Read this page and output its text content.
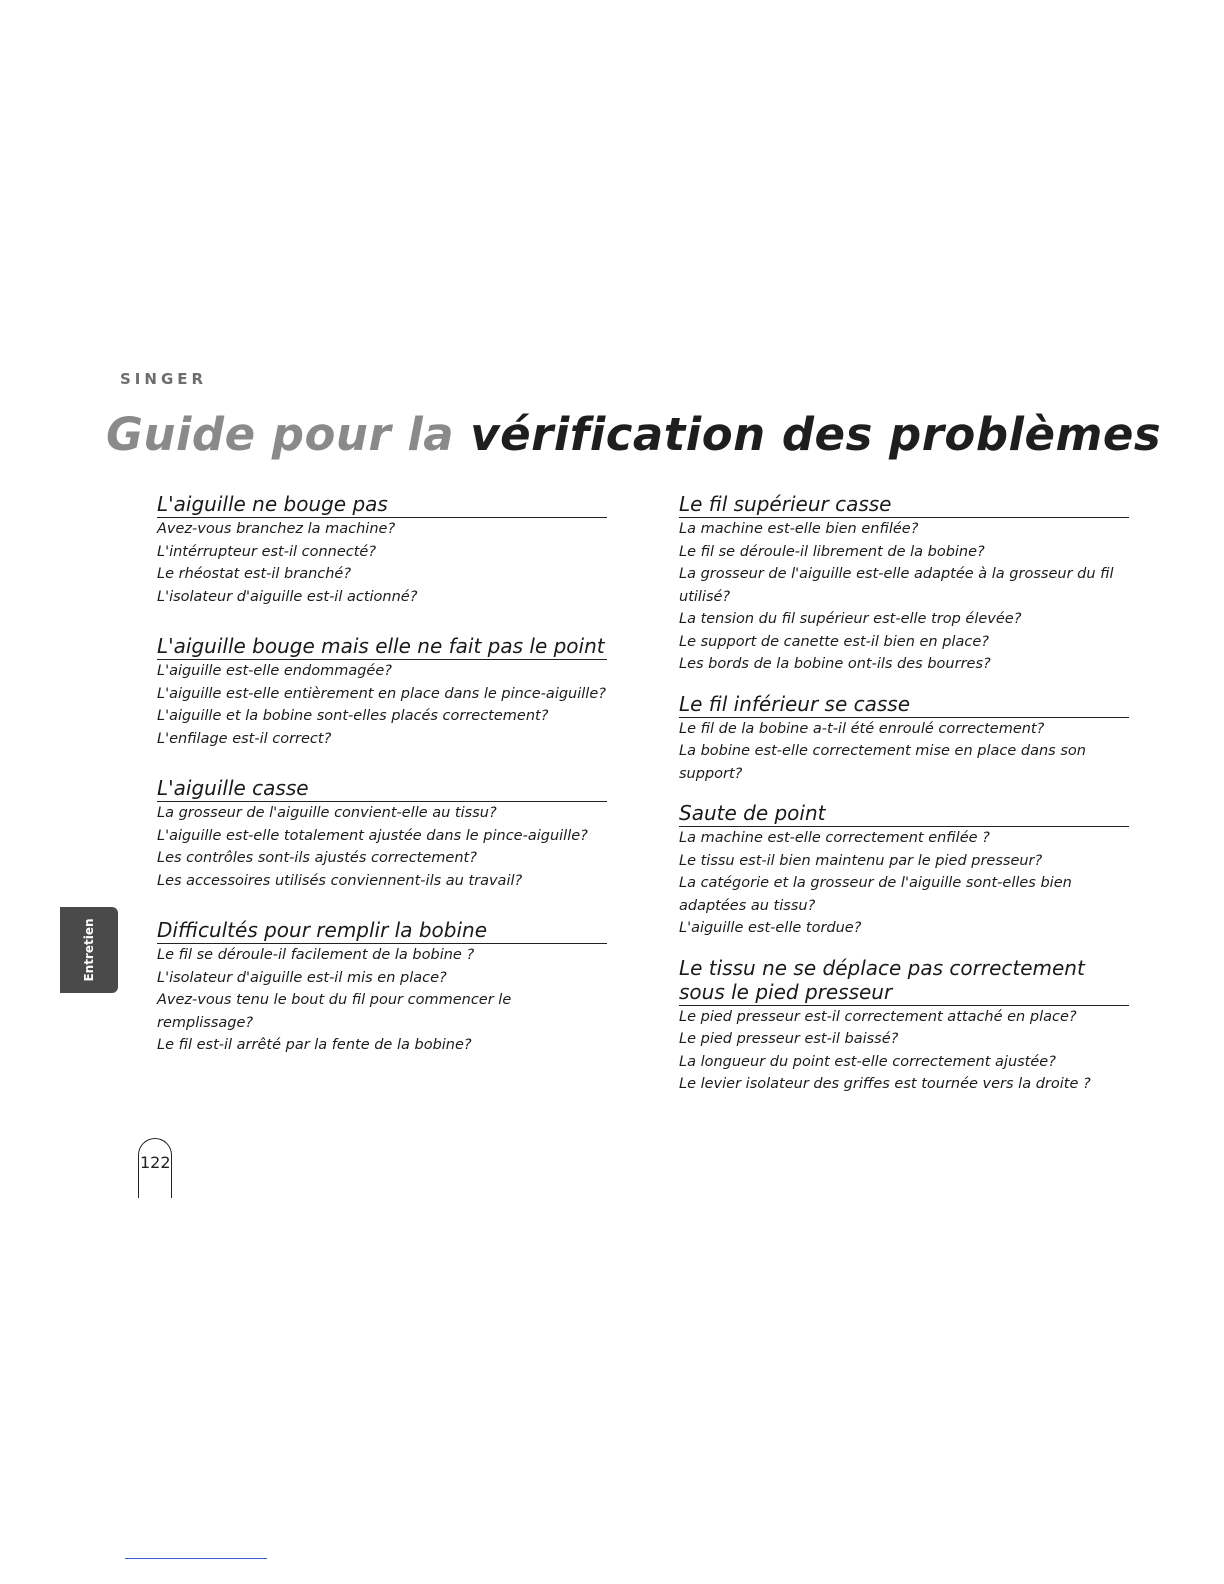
SINGER
Guide pour la vérification des problèmes
L'aiguille ne bouge pas
Avez-vous branchez la machine?
L'intérrupteur est-il connecté?
Le rhéostat est-il branché?
L'isolateur d'aiguille est-il actionné?
L'aiguille bouge mais elle ne fait pas le point
L'aiguille est-elle endommagée?
L'aiguille est-elle entièrement en place dans le pince-aiguille?
L'aiguille et la bobine sont-elles placés correctement?
L'enfilage est-il correct?
L'aiguille casse
La grosseur de l'aiguille convient-elle au tissu?
L'aiguille est-elle totalement ajustée dans le pince-aiguille?
Les contrôles sont-ils ajustés correctement?
Les accessoires utilisés conviennent-ils au travail?
Difficultés pour remplir la bobine
Le fil se déroule-il facilement de la bobine ?
L'isolateur d'aiguille est-il mis en place?
Avez-vous tenu le bout du fil pour commencer le remplissage?
Le fil est-il arrêté par la fente de la bobine?
Le fil supérieur casse
La machine est-elle bien enfilée?
Le fil se déroule-il librement de la bobine?
La grosseur de l'aiguille est-elle adaptée à la grosseur du fil utilisé?
La tension du fil supérieur est-elle trop élevée?
Le support de canette est-il bien en place?
Les bords de la bobine ont-ils des bourres?
Le fil inférieur se casse
Le fil de la bobine a-t-il été enroulé correctement?
La bobine est-elle correctement mise en place dans son support?
Saute de point
La machine est-elle correctement enfilée ?
Le tissu est-il bien maintenu par le pied presseur?
La catégorie et la grosseur de l'aiguille sont-elles bien adaptées au tissu?
L'aiguille est-elle tordue?
Le tissu ne se déplace pas correctement sous le pied presseur
Le pied presseur est-il correctement attaché en place?
Le pied presseur est-il baissé?
La longueur du point est-elle correctement ajustée?
Le levier isolateur des griffes est tournée vers la droite ?
Entretien
122
